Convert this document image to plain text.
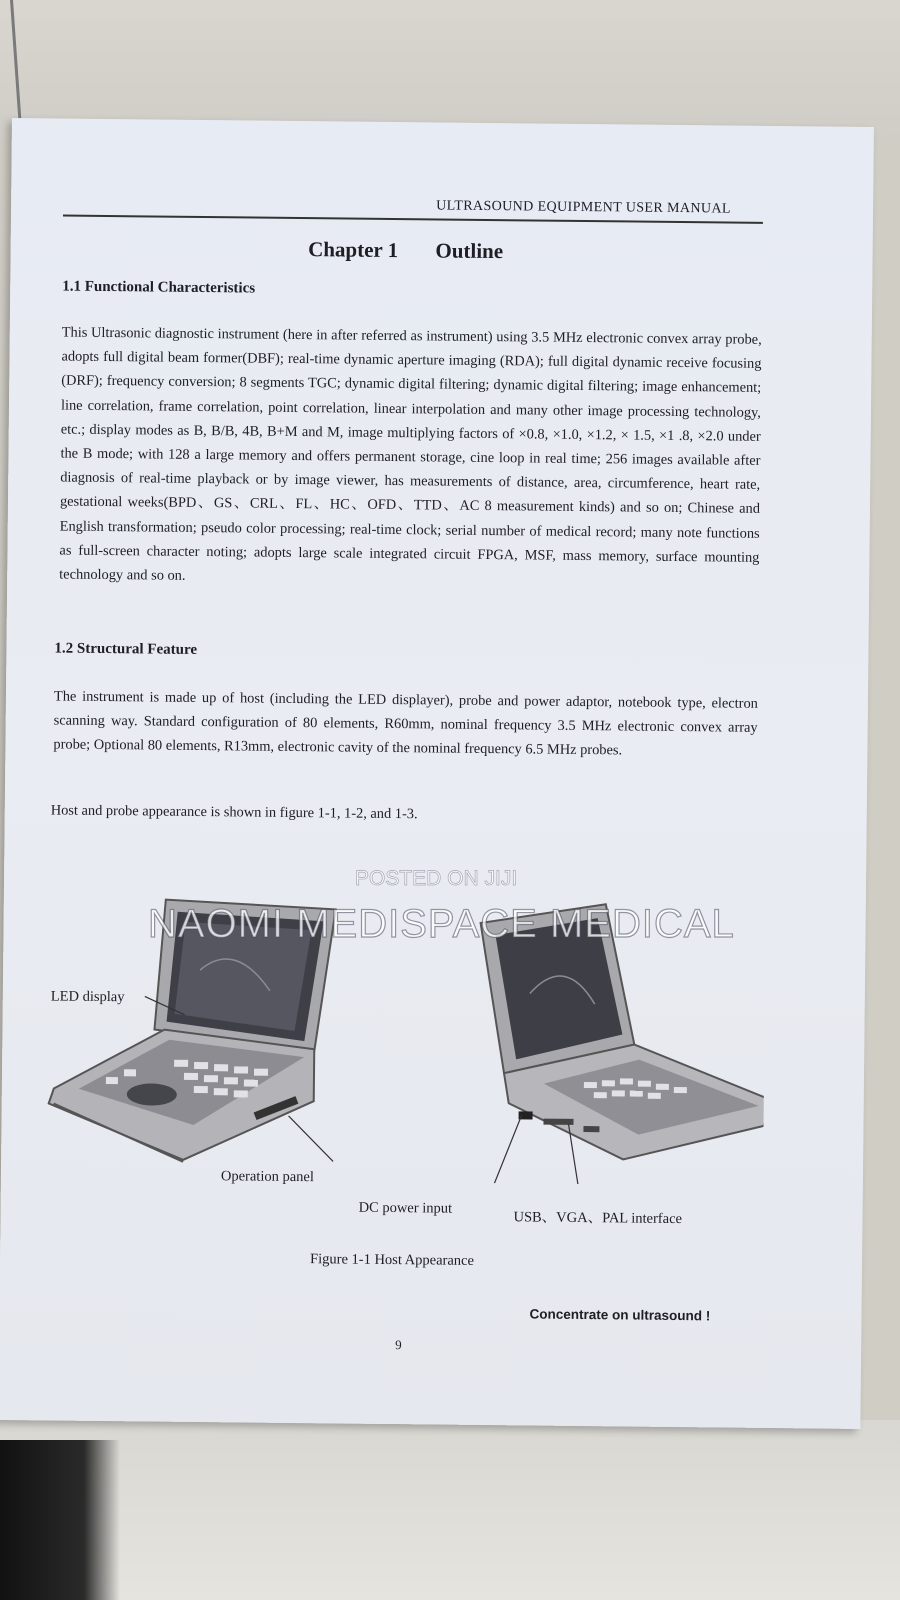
ULTRASOUND EQUIPMENT USER MANUAL
Chapter 1 Outline
1.1 Functional Characteristics
This Ultrasonic diagnostic instrument (here in after referred as instrument) using 3.5 MHz electronic convex array probe, adopts full digital beam former(DBF); real-time dynamic aperture imaging (RDA); full digital dynamic receive focusing (DRF); frequency conversion; 8 segments TGC; dynamic digital filtering; dynamic digital filtering; image enhancement; line correlation, frame correlation, point correlation, linear interpolation and many other image processing technology, etc.; display modes as B, B/B, 4B, B+M and M, image multiplying factors of ×0.8, ×1.0, ×1.2, × 1.5, ×1 .8, ×2.0 under the B mode; with 128 a large memory and offers permanent storage, cine loop in real time; 256 images available after diagnosis of real-time playback or by image viewer, has measurements of distance, area, circumference, heart rate, gestational weeks(BPD、GS、CRL、FL、HC、OFD、TTD、AC 8 measurement kinds) and so on; Chinese and English transformation; pseudo color processing; real-time clock; serial number of medical record; many note functions as full-screen character noting; adopts large scale integrated circuit FPGA, MSF, mass memory, surface mounting technology and so on.
1.2 Structural Feature
The instrument is made up of host (including the LED displayer), probe and power adaptor, notebook type, electron scanning way. Standard configuration of 80 elements, R60mm, nominal frequency 3.5 MHz electronic convex array probe; Optional 80 elements, R13mm, electronic cavity of the nominal frequency 6.5 MHz probes.
Host and probe appearance is shown in figure 1-1, 1-2, and 1-3.
LED display
Operation panel
DC power input
USB、VGA、PAL interface
Figure 1-1 Host Appearance
Concentrate on ultrasound !
9
POSTED ON JIJI
NAOMI MEDISPACE MEDICAL
